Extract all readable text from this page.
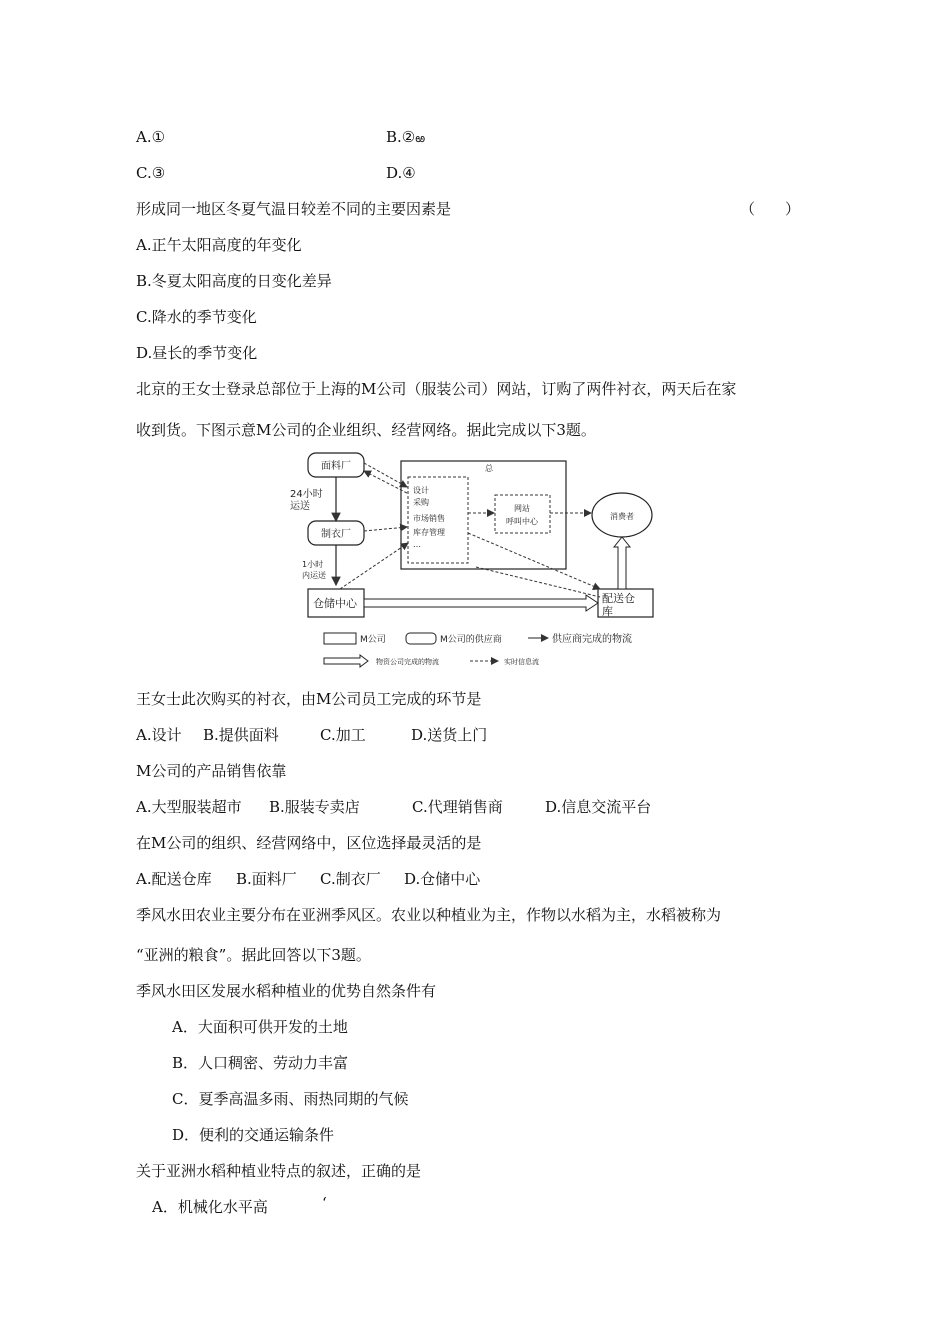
A.①	B.②ఱ
C.③	D.④
形成同一地区冬夏气温日较差不同的主要因素是	（　　）
A.正午太阳高度的年变化
B.冬夏太阳高度的日变化差异
C.降水的季节变化
D.昼长的季节变化
北京的王女士登录总部位于上海的M公司（服装公司）网站，订购了两件衬衣，两天后在家
收到货。下图示意M公司的企业组织、经营网络。据此完成以下3题。
面料厂
制衣厂
24小时
运送
1小时
内运送
总
设计
采购
市场销售
库存管理
…
网站
呼叫中心
消费者
仓储中心	配送仓
库
M公司	M公司的供应商	供应商完成的物流
物资公司完成的物流	实时信息流
王女士此次购买的衬衣，由M公司员工完成的环节是
A.设计 B.提供面料	C.加工	D.送货上门
M公司的产品销售依靠
A.大型服装超市 B.服装专卖店	C.代理销售商	D.信息交流平台
在M公司的组织、经营网络中，区位选择最灵活的是
A.配送仓库 B.面料厂 C.制衣厂 D.仓储中心
季风水田农业主要分布在亚洲季风区。农业以种植业为主，作物以水稻为主，水稻被称为
“亚洲的粮食”。据此回答以下3题。
季风水田区发展水稻种植业的优势自然条件有
A．大面积可供开发的土地
B．人口稠密、劳动力丰富
C．夏季高温多雨、雨热同期的气候
D．便利的交通运输条件
关于亚洲水稻种植业特点的叙述，正确的是
A．机械化水平高	‘
